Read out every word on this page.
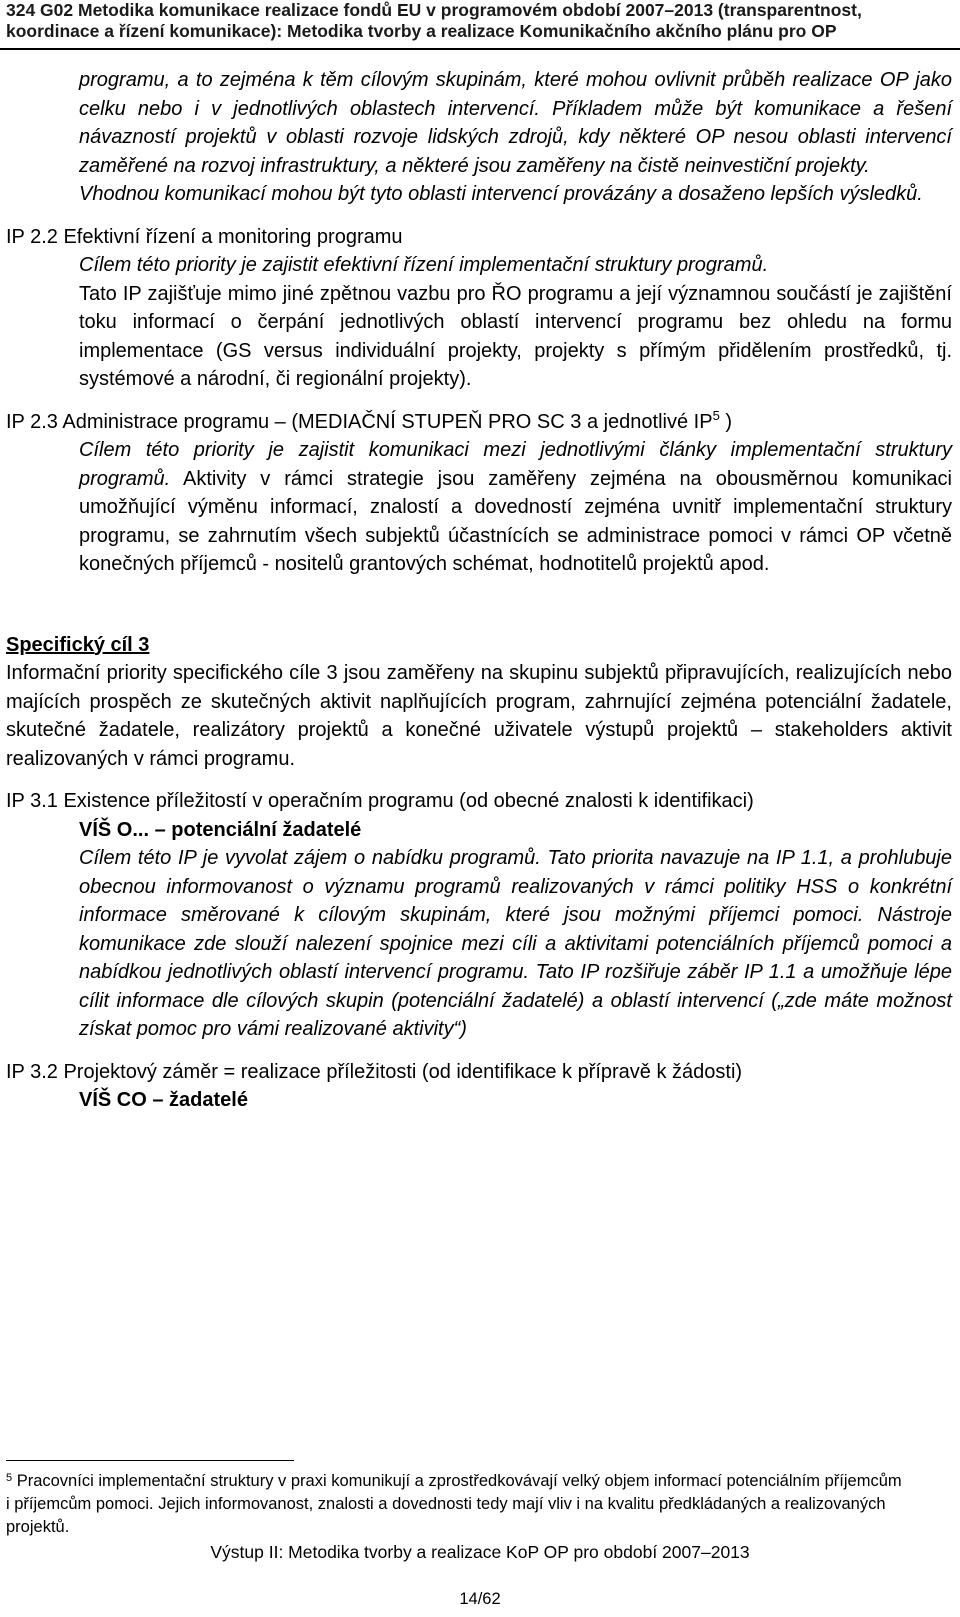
324 G02 Metodika komunikace realizace fondů EU v programovém období 2007–2013 (transparentnost,
koordinace a řízení komunikace): Metodika tvorby a realizace Komunikačního akčního plánu pro OP

programu, a to zejména k těm cílovým skupinám, které mohou ovlivnit průběh realizace OP jako celku nebo i v jednotlivých oblastech intervencí. Příkladem může být komunikace a řešení návazností projektů v oblasti rozvoje lidských zdrojů, kdy některé OP nesou oblasti intervencí zaměřené na rozvoj infrastruktury, a některé jsou zaměřeny na čistě neinvestiční projekty.

Vhodnou komunikací mohou být tyto oblasti intervencí provázány a dosaženo lepších výsledků.

IP 2.2 Efektivní řízení a monitoring programu

Cílem této priority je zajistit efektivní řízení implementační struktury programů.

Tato IP zajišťuje mimo jiné zpětnou vazbu pro ŘO programu a její významnou součástí je zajištění toku informací o čerpání jednotlivých oblastí intervencí programu bez ohledu na formu implementace (GS versus individuální projekty, projekty s přímým přidělením prostředků, tj. systémové a národní, či regionální projekty).

IP 2.3 Administrace programu – (MEDIAČNÍ STUPEŇ PRO SC 3 a jednotlivé $IP^5$ )

Cílem této priority je zajistit komunikaci mezi jednotlivými články implementační struktury programů. Aktivity v rámci strategie jsou zaměřeny zejména na obousměrnou komunikaci umožňující výměnu informací, znalostí a dovedností zejména uvnitř implementační struktury programu, se zahrnutím všech subjektů účastnících se administrace pomoci v rámci OP včetně konečných příjemců - nositelů grantových schémat, hodnotitelů projektů apod.

Specifický cíl 3

Informační priority specifického cíle 3 jsou zaměřeny na skupinu subjektů připravujících, realizujících nebo majících prospěch ze skutečných aktivit naplňujících program, zahrnující zejména potenciální žadatele, skutečné žadatele, realizátory projektů a konečné uživatele výstupů projektů – stakeholders aktivit realizovaných v rámci programu.

IP 3.1 Existence příležitostí v operačním programu (od obecné znalosti k identifikaci)

VÍŠ O... – potenciální žadatelé

Cílem této IP je vyvolat zájem o nabídku programů. Tato priorita navazuje na IP 1.1, a prohlubuje obecnou informovanost o významu programů realizovaných v rámci politiky HSS o konkrétní informace směrované k cílovým skupinám, které jsou možnými příjemci pomoci. Nástroje komunikace zde slouží nalezení spojnice mezi cíli a aktivitami potenciálních příjemců pomoci a nabídkou jednotlivých oblastí intervencí programu. Tato IP rozšiřuje záběr IP 1.1 a umožňuje lépe cílit informace dle cílových skupin (potenciální žadatelé) a oblastí intervencí („zde máte možnost získat pomoc pro vámi realizované aktivity“)

IP 3.2 Projektový záměr = realizace příležitosti (od identifikace k přípravě k žádosti)

VÍŠ CO – žadatelé

$^5$ Pracovníci implementační struktury v praxi komunikují a zprostředkovávají velký objem informací potenciálním příjemcům i příjemcům pomoci. Jejich informovanost, znalosti a dovednosti tedy mají vliv i na kvalitu předkládaných a realizovaných projektů.
Výstup II: Metodika tvorby a realizace KoP OP pro období 2007–2013
14/62
